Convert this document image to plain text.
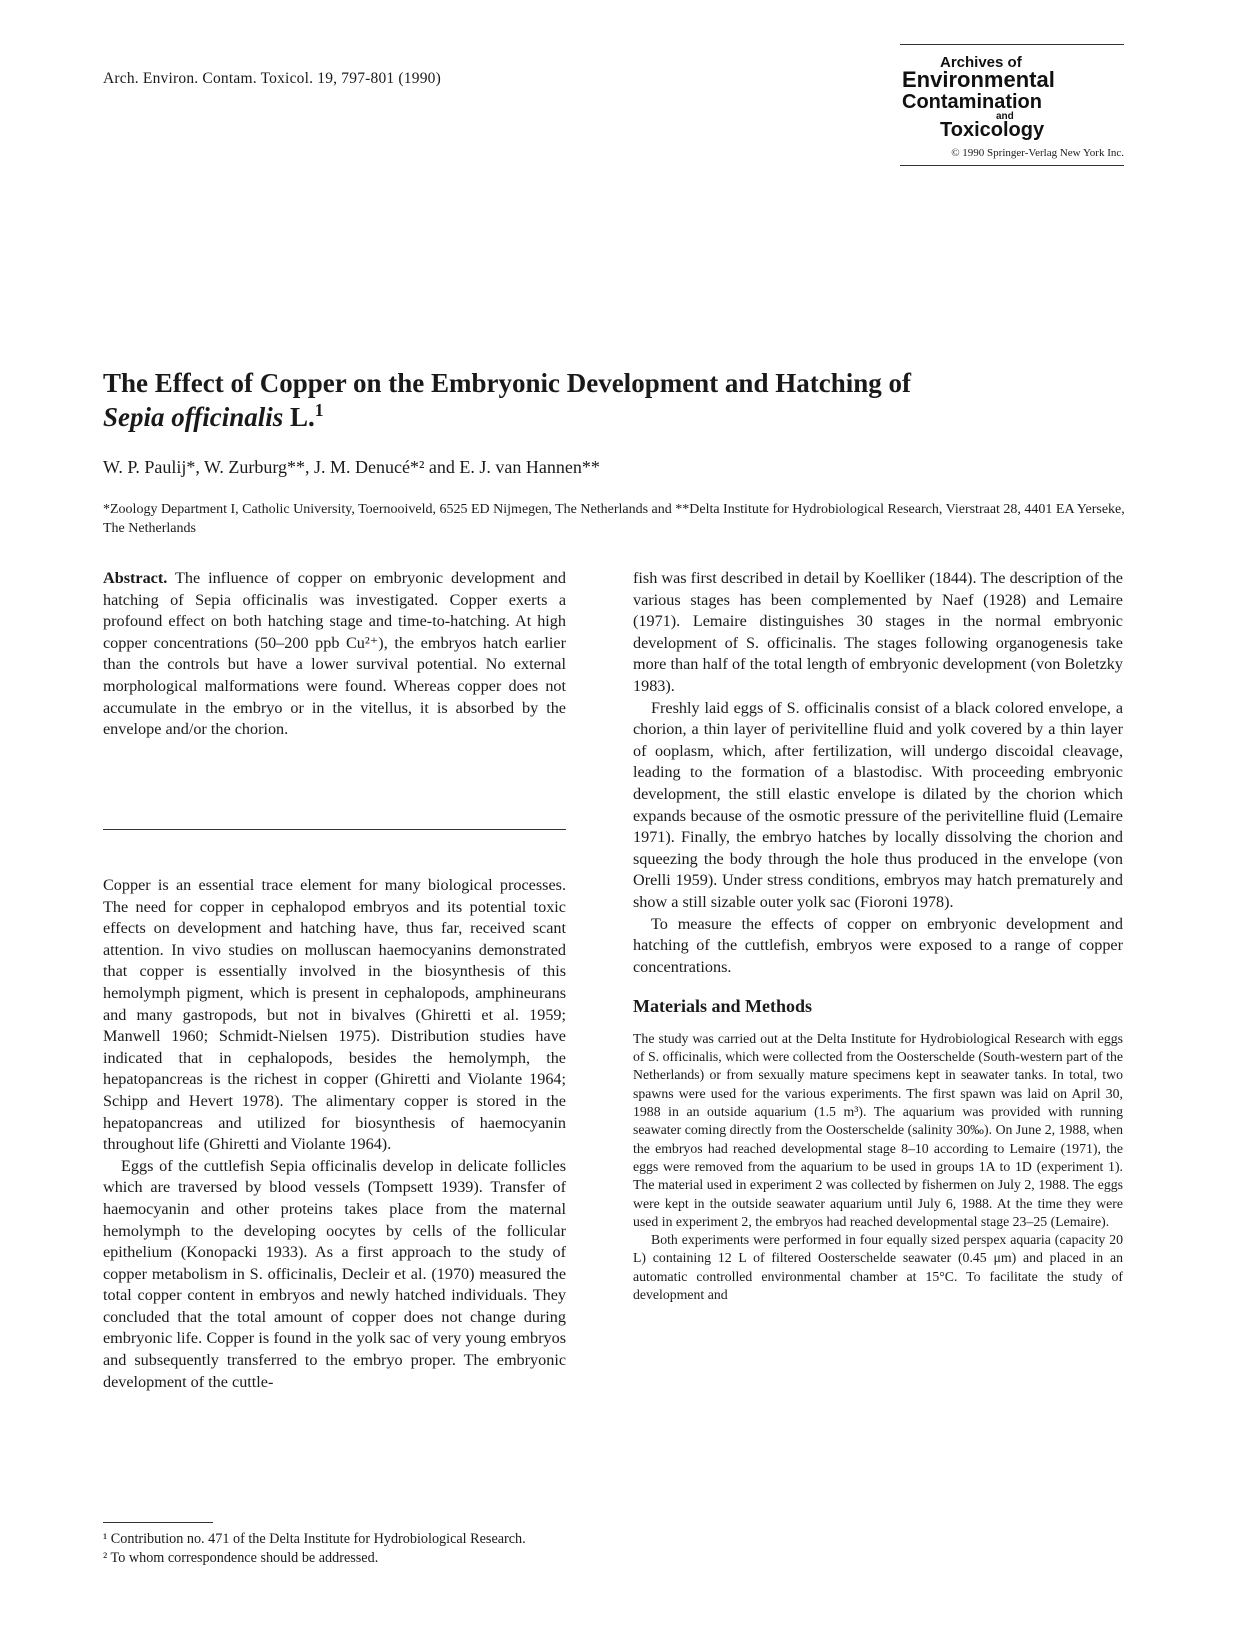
Arch. Environ. Contam. Toxicol. 19, 797-801 (1990)
Archives of
Environmental
Contamination
and
Toxicology
© 1990 Springer-Verlag New York Inc.
The Effect of Copper on the Embryonic Development and Hatching of
Sepia officinalis L.$^1$
W. P. Paulij*, W. Zurburg**, J. M. Denucé*² and E. J. van Hannen**
*Zoology Department I, Catholic University, Toernooiveld, 6525 ED Nijmegen, The Netherlands and **Delta Institute for Hydrobiological Research, Vierstraat 28, 4401 EA Yerseke, The Netherlands

Abstract. The influence of copper on embryonic development and hatching of Sepia officinalis was investigated. Copper exerts a profound effect on both hatching stage and time-to-hatching. At high copper concentrations (50–200 ppb Cu²⁺), the embryos hatch earlier than the controls but have a lower survival potential. No external morphological malformations were found. Whereas copper does not accumulate in the embryo or in the vitellus, it is absorbed by the envelope and/or the chorion.

Copper is an essential trace element for many biological processes. The need for copper in cephalopod embryos and its potential toxic effects on development and hatching have, thus far, received scant attention. In vivo studies on molluscan haemocyanins demonstrated that copper is essentially involved in the biosynthesis of this hemolymph pigment, which is present in cephalopods, amphineurans and many gastropods, but not in bivalves (Ghiretti et al. 1959; Manwell 1960; Schmidt-Nielsen 1975). Distribution studies have indicated that in cephalopods, besides the hemolymph, the hepatopancreas is the richest in copper (Ghiretti and Violante 1964; Schipp and Hevert 1978). The alimentary copper is stored in the hepatopancreas and utilized for biosynthesis of haemocyanin throughout life (Ghiretti and Violante 1964).

Eggs of the cuttlefish Sepia officinalis develop in delicate follicles which are traversed by blood vessels (Tompsett 1939). Transfer of haemocyanin and other proteins takes place from the maternal hemolymph to the developing oocytes by cells of the follicular epithelium (Konopacki 1933). As a first approach to the study of copper metabolism in S. officinalis, Decleir et al. (1970) measured the total copper content in embryos and newly hatched individuals. They concluded that the total amount of copper does not change during embryonic life. Copper is found in the yolk sac of very young embryos and subsequently transferred to the embryo proper. The embryonic development of the cuttle-

fish was first described in detail by Koelliker (1844). The description of the various stages has been complemented by Naef (1928) and Lemaire (1971). Lemaire distinguishes 30 stages in the normal embryonic development of S. officinalis. The stages following organogenesis take more than half of the total length of embryonic development (von Boletzky 1983).

Freshly laid eggs of S. officinalis consist of a black colored envelope, a chorion, a thin layer of perivitelline fluid and yolk covered by a thin layer of ooplasm, which, after fertilization, will undergo discoidal cleavage, leading to the formation of a blastodisc. With proceeding embryonic development, the still elastic envelope is dilated by the chorion which expands because of the osmotic pressure of the perivitelline fluid (Lemaire 1971). Finally, the embryo hatches by locally dissolving the chorion and squeezing the body through the hole thus produced in the envelope (von Orelli 1959). Under stress conditions, embryos may hatch prematurely and show a still sizable outer yolk sac (Fioroni 1978).

To measure the effects of copper on embryonic development and hatching of the cuttlefish, embryos were exposed to a range of copper concentrations.

Materials and Methods

The study was carried out at the Delta Institute for Hydrobiological Research with eggs of S. officinalis, which were collected from the Oosterschelde (South-western part of the Netherlands) or from sexually mature specimens kept in seawater tanks. In total, two spawns were used for the various experiments. The first spawn was laid on April 30, 1988 in an outside aquarium (1.5 m³). The aquarium was provided with running seawater coming directly from the Oosterschelde (salinity 30‰). On June 2, 1988, when the embryos had reached developmental stage 8–10 according to Lemaire (1971), the eggs were removed from the aquarium to be used in groups 1A to 1D (experiment 1). The material used in experiment 2 was collected by fishermen on July 2, 1988. The eggs were kept in the outside seawater aquarium until July 6, 1988. At the time they were used in experiment 2, the embryos had reached developmental stage 23–25 (Lemaire).

Both experiments were performed in four equally sized perspex aquaria (capacity 20 L) containing 12 L of filtered Oosterschelde seawater (0.45 μm) and placed in an automatic controlled environmental chamber at 15°C. To facilitate the study of development and

¹ Contribution no. 471 of the Delta Institute for Hydrobiological Research.

² To whom correspondence should be addressed.
